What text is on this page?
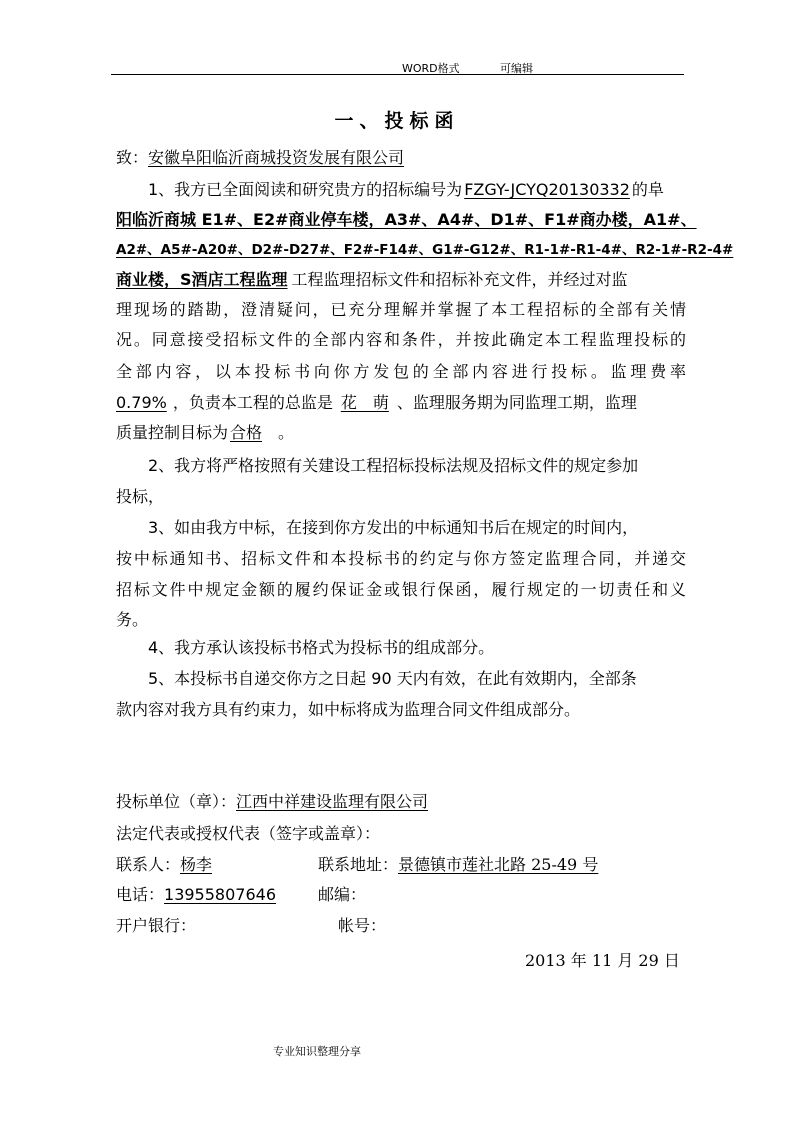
WORD格式	可编辑
一、投标函
致：安徽阜阳临沂商城投资发展有限公司
1、我方已全面阅读和研究贵方的招标编号为 FZGY-JCYQ20130332 的阜
阳临沂商城 E1#、E2#商业停车楼，A3#、A4#、D1#、F1#商办楼，A1#、
A2#、A5#-A20#、D2#-D27#、F2#-F14#、G1#-G12#、R1-1#-R1-4#、R2-1#-R2-4#
商业楼，S酒店工程监理 工程监理招标文件和招标补充文件，并经过对监
理现场的踏勘，澄清疑问，已充分理解并掌握了本工程招标的全部有关情
况。同意接受招标文件的全部内容和条件，并按此确定本工程监理投标的
全部内容，以本投标书向你方发包的全部内容进行投标。监理费率
0.79% ，负责本工程的总监是 花　萌 、监理服务期为同监理工期，监理
质量控制目标为 合格 。
2、我方将严格按照有关建设工程招标投标法规及招标文件的规定参加
投标，
3、如由我方中标，在接到你方发出的中标通知书后在规定的时间内，
按中标通知书、招标文件和本投标书的约定与你方签定监理合同，并递交
招标文件中规定金额的履约保证金或银行保函，履行规定的一切责任和义
务。
4、我方承认该投标书格式为投标书的组成部分。
5、本投标书自递交你方之日起 90 天内有效，在此有效期内，全部条
款内容对我方具有约束力，如中标将成为监理合同文件组成部分。
投标单位（章）：江西中祥建设监理有限公司
法定代表或授权代表（签字或盖章）：
联系人：杨李	联系地址：景德镇市莲社北路 25-49 号
电话：13955807646	邮编：
开户银行：	帐号：
2013 年 11 月 29 日
专业知识整理分享
